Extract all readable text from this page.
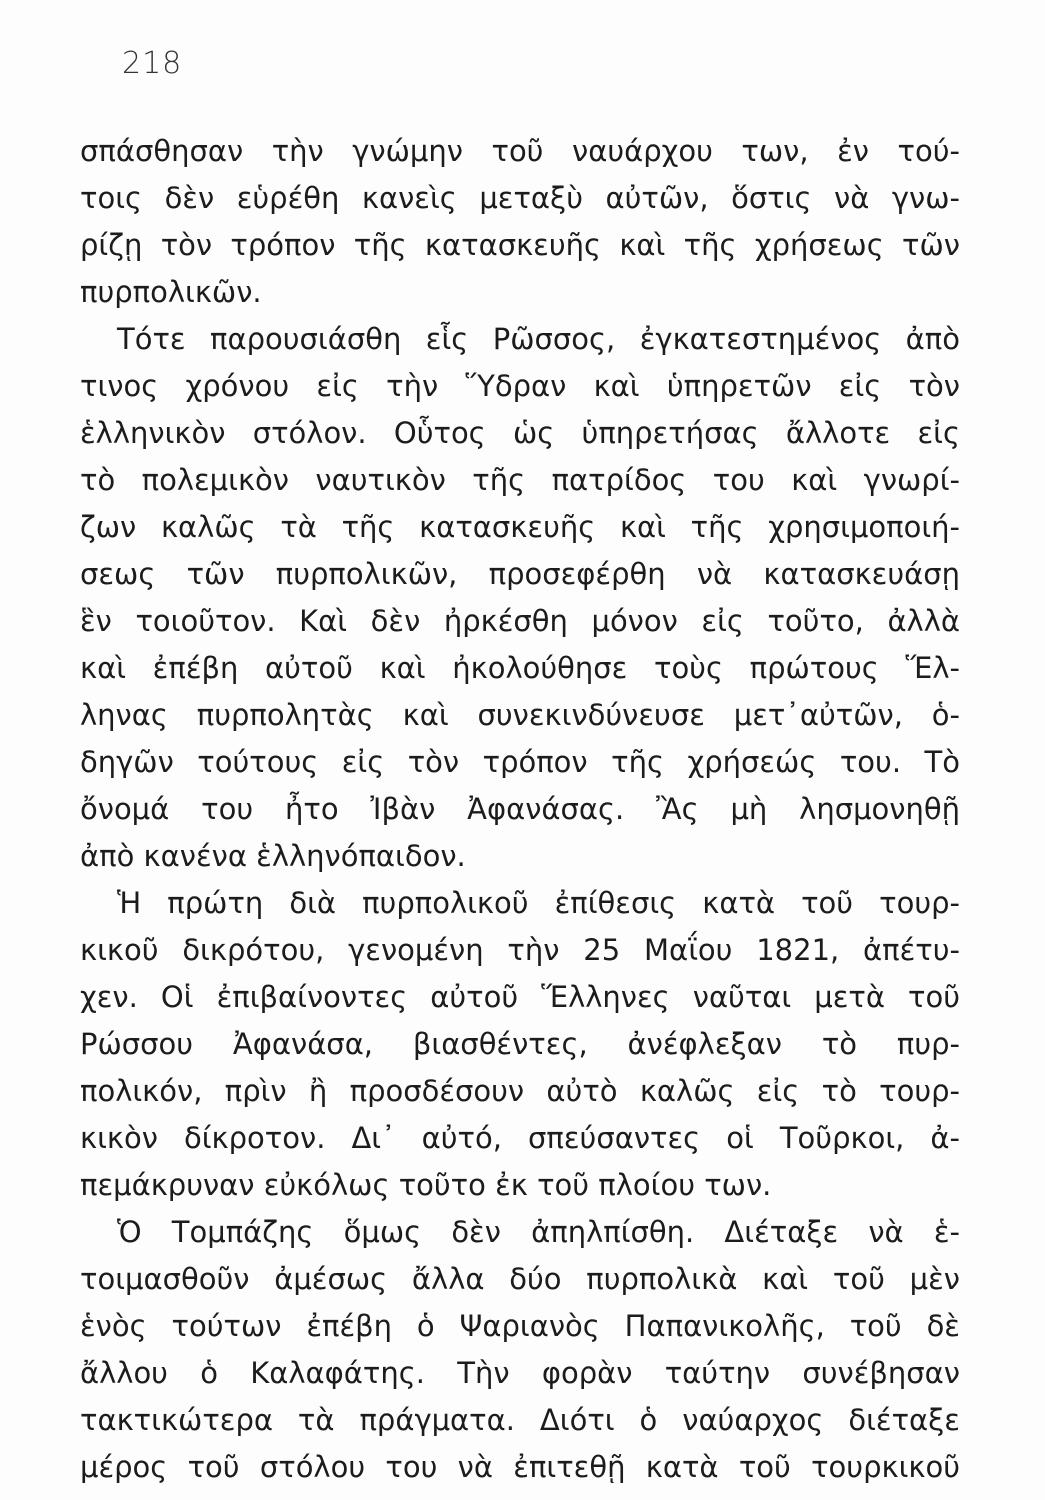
218
σπάσθησαν τὴν γνώμην τοῦ ναυάρχου των, ἐν τού-
τοις δὲν εὑρέθη κανεὶς μεταξὺ αὐτῶν, ὅστις νὰ γνω-
ρίζῃ τὸν τρόπον τῆς κατασκευῆς καὶ τῆς χρήσεως τῶν
πυρπολικῶν.
Τότε παρουσιάσθη εἷς Ρῶσσος, ἐγκατεστημένος ἀπὸ
τινος χρόνου εἰς τὴν Ὕδραν καὶ ὑπηρετῶν εἰς τὸν
ἑλληνικὸν στόλον. Οὗτος ὡς ὑπηρετήσας ἄλλοτε εἰς
τὸ πολεμικὸν ναυτικὸν τῆς πατρίδος του καὶ γνωρί-
ζων καλῶς τὰ τῆς κατασκευῆς καὶ τῆς χρησιμοποιή-
σεως τῶν πυρπολικῶν, προσεφέρθη νὰ κατασκευάσῃ
ἓν τοιοῦτον. Καὶ δὲν ἠρκέσθη μόνον εἰς τοῦτο, ἀλλὰ
καὶ ἐπέβη αὐτοῦ καὶ ἠκολούθησε τοὺς πρώτους Ἕλ-
ληνας πυρπολητὰς καὶ συνεκινδύνευσε μετ᾽αὐτῶν, ὁ-
δηγῶν τούτους εἰς τὸν τρόπον τῆς χρήσεώς του. Τὸ
ὄνομά του ἦτο Ἰβὰν Ἀφανάσας. Ἂς μὴ λησμονηθῇ
ἀπὸ κανένα ἑλληνόπαιδον.
Ἡ πρώτη διὰ πυρπολικοῦ ἐπίθεσις κατὰ τοῦ τουρ-
κικοῦ δικρότου, γενομένη τὴν 25 Μαΐου 1821, ἀπέτυ-
χεν. Οἱ ἐπιβαίνοντες αὐτοῦ Ἕλληνες ναῦται μετὰ τοῦ
Ρώσσου Ἀφανάσα, βιασθέντες, ἀνέφλεξαν τὸ πυρ-
πολικόν, πρὶν ἢ προσδέσουν αὐτὸ καλῶς εἰς τὸ τουρ-
κικὸν δίκροτον. Δι᾽ αὐτό, σπεύσαντες οἱ Τοῦρκοι, ἀ-
πεμάκρυναν εὐκόλως τοῦτο ἐκ τοῦ πλοίου των.
Ὁ Τομπάζης ὅμως δὲν ἀπηλπίσθη. Διέταξε νὰ ἑ-
τοιμασθοῦν ἀμέσως ἄλλα δύο πυρπολικὰ καὶ τοῦ μὲν
ἑνὸς τούτων ἐπέβη ὁ Ψαριανὸς Παπανικολῆς, τοῦ δὲ
ἄλλου ὁ Καλαφάτης. Τὴν φορὰν ταύτην συνέβησαν
τακτικώτερα τὰ πράγματα. Διότι ὁ ναύαρχος διέταξε
μέρος τοῦ στόλου του νὰ ἐπιτεθῇ κατὰ τοῦ τουρκικοῦ
